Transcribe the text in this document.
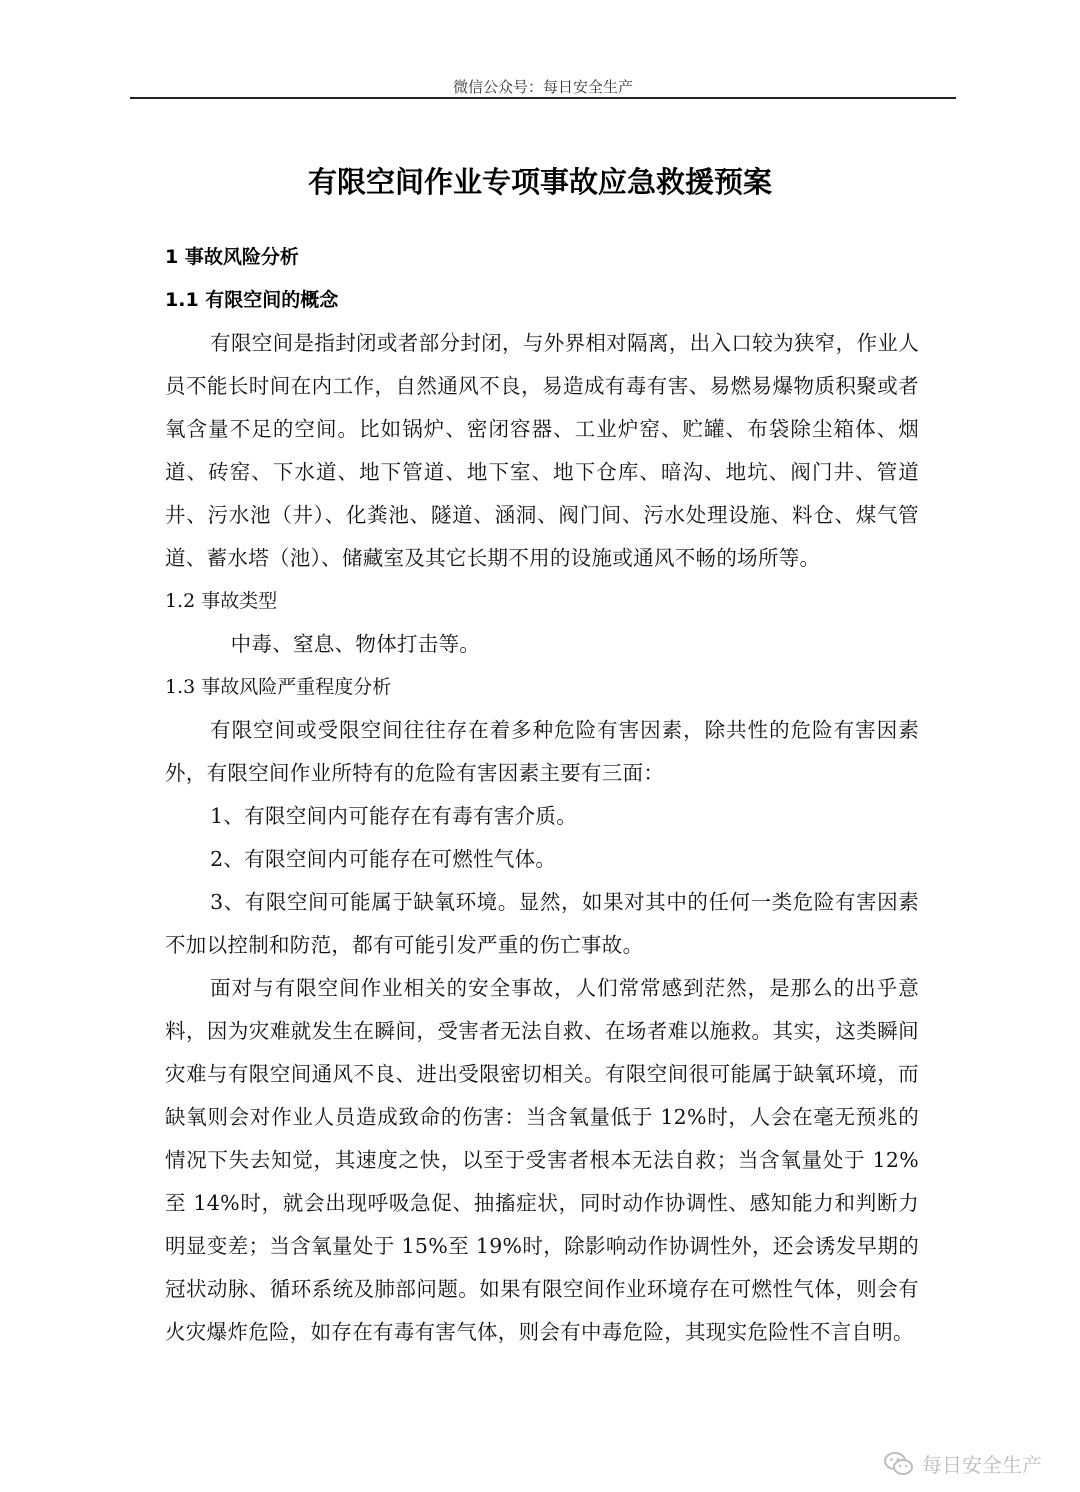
微信公众号：每日安全生产
有限空间作业专项事故应急救援预案

1 事故风险分析

1.1 有限空间的概念

有限空间是指封闭或者部分封闭，与外界相对隔离，出入口较为狭窄，作业人员不能长时间在内工作，自然通风不良，易造成有毒有害、易燃易爆物质积聚或者氧含量不足的空间。比如锅炉、密闭容器、工业炉窑、贮罐、布袋除尘箱体、烟道、砖窑、下水道、地下管道、地下室、地下仓库、暗沟、地坑、阀门井、管道井、污水池（井）、化粪池、隧道、涵洞、阀门间、污水处理设施、料仓、煤气管道、蓄水塔（池）、储藏室及其它长期不用的设施或通风不畅的场所等。

1.2 事故类型

中毒、窒息、物体打击等。

1.3 事故风险严重程度分析

有限空间或受限空间往往存在着多种危险有害因素，除共性的危险有害因素外，有限空间作业所特有的危险有害因素主要有三面：

1、有限空间内可能存在有毒有害介质。

2、有限空间内可能存在可燃性气体。

3、有限空间可能属于缺氧环境。显然，如果对其中的任何一类危险有害因素不加以控制和防范，都有可能引发严重的伤亡事故。

面对与有限空间作业相关的安全事故，人们常常感到茫然，是那么的出乎意料，因为灾难就发生在瞬间，受害者无法自救、在场者难以施救。其实，这类瞬间灾难与有限空间通风不良、进出受限密切相关。有限空间很可能属于缺氧环境，而缺氧则会对作业人员造成致命的伤害：当含氧量低于 12%时，人会在毫无预兆的情况下失去知觉，其速度之快，以至于受害者根本无法自救；当含氧量处于 12%至 14%时，就会出现呼吸急促、抽搐症状，同时动作协调性、感知能力和判断力明显变差；当含氧量处于 15%至 19%时，除影响动作协调性外，还会诱发早期的冠状动脉、循环系统及肺部问题。如果有限空间作业环境存在可燃性气体，则会有火灾爆炸危险，如存在有毒有害气体，则会有中毒危险，其现实危险性不言自明。

每日安全生产
